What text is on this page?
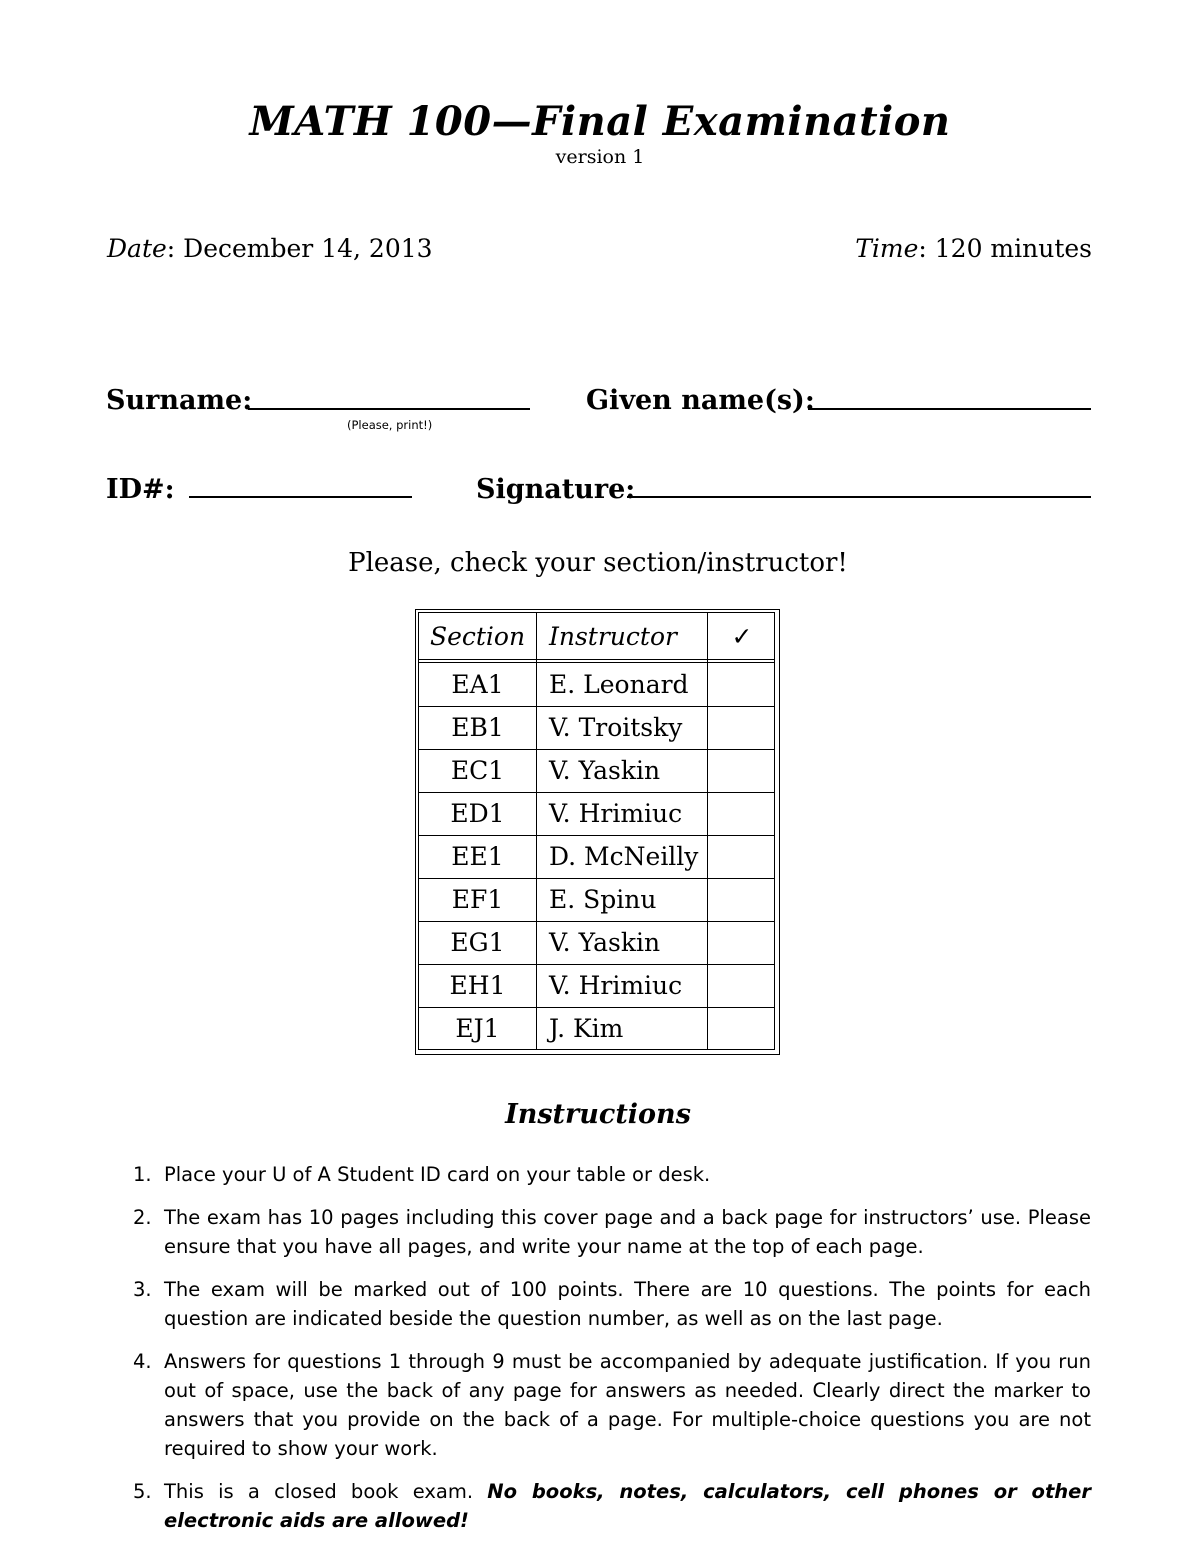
MATH 100—Final Examination
version 1
Date: December 14, 2013	Time: 120 minutes
Surname:
(Please, print!)
Given name(s):
ID#:	Signature:
Please, check your section/instructor!
Section Instructor	✓
EA1	E. Leonard
EB1	V. Troitsky
EC1	V. Yaskin
ED1	V. Hrimiuc
EE1	D. McNeilly
EF1	E. Spinu
EG1	V. Yaskin
EH1	V. Hrimiuc
EJ1	J. Kim
Instructions
1. Place your U of A Student ID card on your table or desk.
2. The exam has 10 pages including this cover page and a back page for instructors’ use. Please ensure that you have all pages, and write your name at the top of each page.
3. The exam will be marked out of 100 points. There are 10 questions. The points for each question are indicated beside the question number, as well as on the last page.
4. Answers for questions 1 through 9 must be accompanied by adequate justification. If you run out of space, use the back of any page for answers as needed. Clearly direct the marker to answers that you provide on the back of a page. For multiple-choice questions you are not required to show your work.
5. This is a closed book exam. No books, notes, calculators, cell phones or other electronic aids are allowed!
